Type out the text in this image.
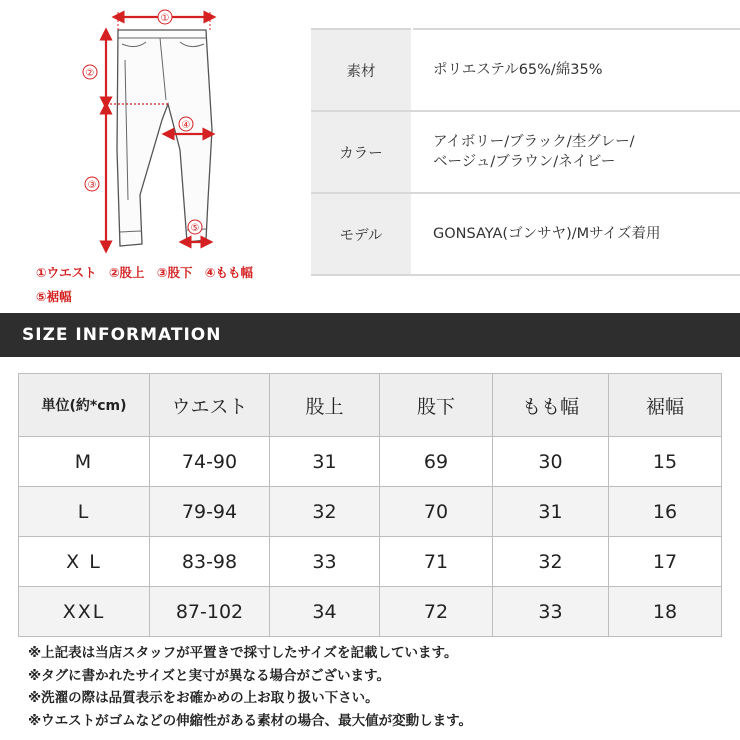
①
②
③
④
⑤
①ウエスト ②股上 ③股下 ④もも幅
⑤裾幅
素材	ポリエステル65%/綿35%
カラー	アイボリー/ブラック/杢グレー/
ベージュ/ブラウン/ネイビー
モデル	GONSAYA(ゴンサヤ)/Mサイズ着用
SIZE INFORMATION
単位(約*cm)	ウエスト	股上	股下	もも幅	裾幅
M	74-90	31	69	30	15
L	79-94	32	70	31	16
X L	83-98	33	71	32	17
XXL	87-102	34	72	33	18
※上記表は当店スタッフが平置きで採寸したサイズを記載しています。
※タグに書かれたサイズと実寸が異なる場合がございます。
※洗濯の際は品質表示をお確かめの上お取り扱い下さい。
※ウエストがゴムなどの伸縮性がある素材の場合、最大値が変動します。
